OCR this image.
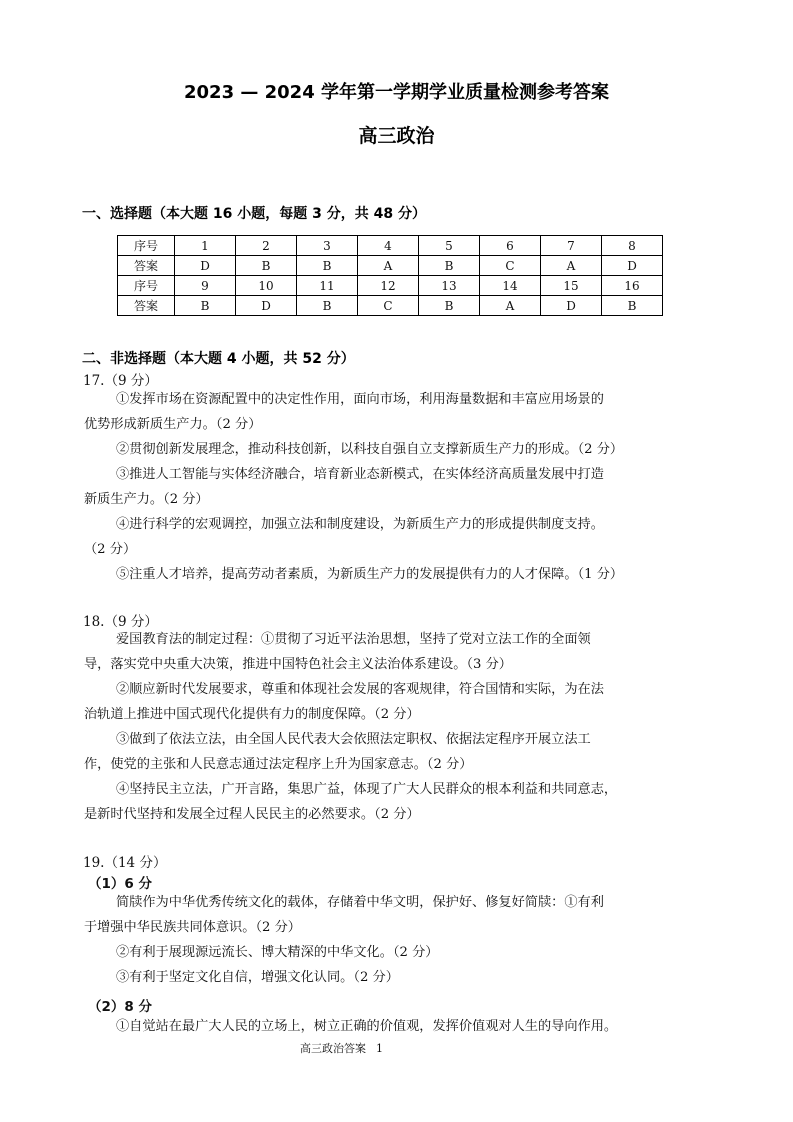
2023 — 2024 学年第一学期学业质量检测参考答案
高三政治
一、选择题（本大题 16 小题，每题 3 分，共 48 分）
序号	1	2	3	4	5	6	7	8
答案	D	B	B	A	B	C	A	D
序号	9	10	11	12	13	14	15	16
答案	B	D	B	C	B	A	D	B
二、非选择题（本大题 4 小题，共 52 分）
17.（9 分）
①发挥市场在资源配置中的决定性作用，面向市场，利用海量数据和丰富应用场景的
优势形成新质生产力。（2 分）
②贯彻创新发展理念，推动科技创新，以科技自强自立支撑新质生产力的形成。（2 分）
③推进人工智能与实体经济融合，培育新业态新模式，在实体经济高质量发展中打造
新质生产力。（2 分）
④进行科学的宏观调控，加强立法和制度建设，为新质生产力的形成提供制度支持。
（2 分）
⑤注重人才培养，提高劳动者素质，为新质生产力的发展提供有力的人才保障。（1 分）
18.（9 分）
爱国教育法的制定过程：①贯彻了习近平法治思想，坚持了党对立法工作的全面领
导，落实党中央重大决策，推进中国特色社会主义法治体系建设。（3 分）
②顺应新时代发展要求，尊重和体现社会发展的客观规律，符合国情和实际，为在法
治轨道上推进中国式现代化提供有力的制度保障。（2 分）
③做到了依法立法，由全国人民代表大会依照法定职权、依据法定程序开展立法工
作，使党的主张和人民意志通过法定程序上升为国家意志。（2 分）
④坚持民主立法，广开言路，集思广益，体现了广大人民群众的根本利益和共同意志，
是新时代坚持和发展全过程人民民主的必然要求。（2 分）
19.（14 分）
（1）6 分
简牍作为中华优秀传统文化的载体，存储着中华文明，保护好、修复好简牍：①有利
于增强中华民族共同体意识。（2 分）
②有利于展现源远流长、博大精深的中华文化。（2 分）
③有利于坚定文化自信，增强文化认同。（2 分）
（2）8 分
①自觉站在最广大人民的立场上，树立正确的价值观，发挥价值观对人生的导向作用。
高三政治答案 1
